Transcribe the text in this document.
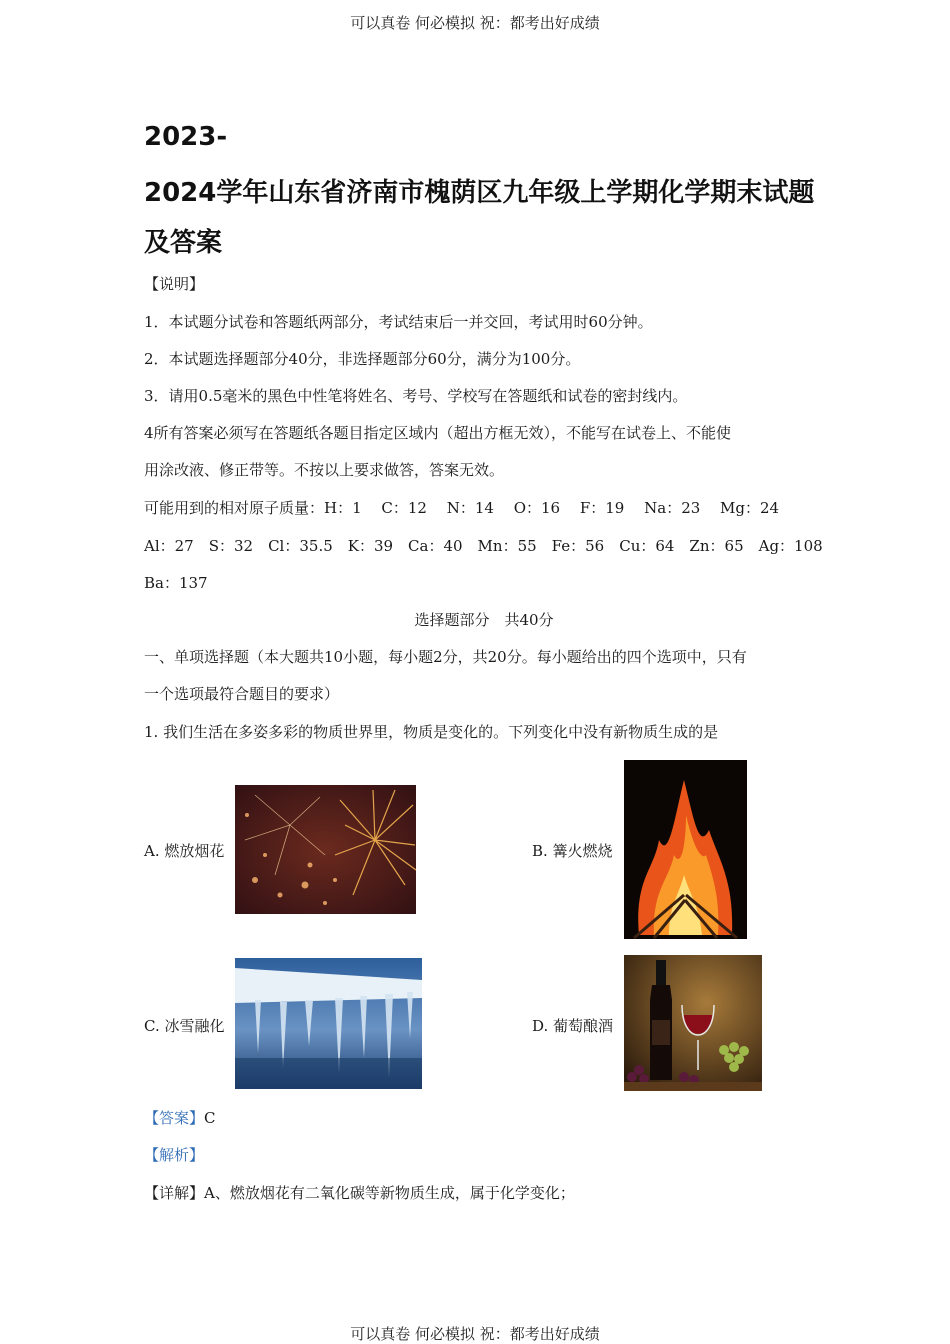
可以真卷 何必模拟 祝：都考出好成绩
2023-
2024学年山东省济南市槐荫区九年级上学期化学期末试题
及答案
【说明】
1．本试题分试卷和答题纸两部分，考试结束后一并交回，考试用时60分钟。
2．本试题选择题部分40分，非选择题部分60分，满分为100分。
3．请用0.5毫米的黑色中性笔将姓名、考号、学校写在答题纸和试卷的密封线内。
4所有答案必须写在答题纸各题目指定区域内（超出方框无效），不能写在试卷上、不能使
用涂改液、修正带等。不按以上要求做答，答案无效。
可能用到的相对原子质量：H：1　 C：12　 N：14　 O：16　 F：19　 Na：23　 Mg：24
Al：27　S：32　Cl：35.5　K：39　Ca：40　Mn：55　Fe：56　Cu：64　Zn：65　Ag：108
Ba：137
选择题部分　共40分
一、单项选择题（本大题共10小题，每小题2分，共20分。每小题给出的四个选项中，只有
一个选项最符合题目的要求）
1. 我们生活在多姿多彩的物质世界里，物质是变化的。下列变化中没有新物质生成的是
A. 燃放烟花	B. 篝火燃烧
C. 冰雪融化	D. 葡萄酿酒
【答案】C
【解析】
【详解】A、燃放烟花有二氧化碳等新物质生成，属于化学变化；
可以真卷 何必模拟 祝：都考出好成绩
